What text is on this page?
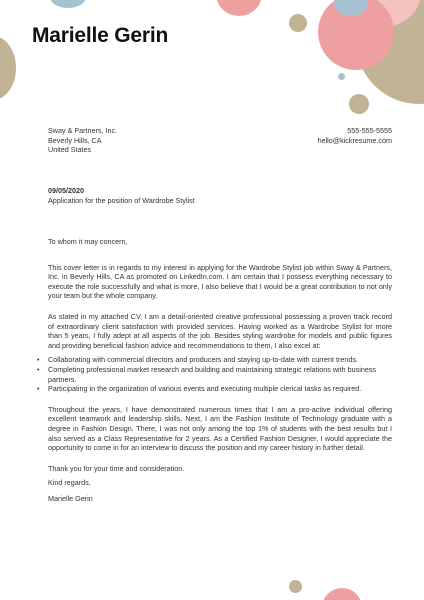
Marielle Gerin
Sway & Partners, Inc.
Beverly Hills, CA
United States
555-555-5555
hello@kickresume.com
09/05/2020
Application for the position of Wardrobe Stylist

To whom it may concern,

This cover letter is in regards to my interest in applying for the Wardrobe Stylist job within Sway & Partners, Inc. in Beverly Hills, CA as promoted on LinkedIn.com. I am certain that I possess everything necessary to execute the role successfully and what is more, I also believe that I would be a great contribution to not only your team but the whole company.

As stated in my attached CV, I am a detail-oriented creative professional possessing a proven track record of extraordinary client satisfaction with provided services. Having worked as a Wardrobe Stylist for more than 5 years, I fully adept at all aspects of the job. Besides styling wardrobe for models and public figures and providing beneficial fashion advice and recommendations to them, I also excel at:

• Collaborating with commercial directors and producers and staying up-to-date with current trends.
• Completing professional market research and building and maintaining strategic relations with business partners.
• Participating in the organization of various events and executing multiple clerical tasks as required.

Throughout the years, I have demonstrated numerous times that I am a pro-active individual offering excellent teamwork and leadership skills. Next, I am the Fashion Institute of Technology graduate with a degree in Fashion Design. There, I was not only among the top 1% of students with the best results but I also served as a Class Representative for 2 years. As a Certified Fashion Designer, I would appreciate the opportunity to come in for an interview to discuss the position and my career history in further detail.

Thank you for your time and consideration.

Kind regards,
Marielle Gerin
